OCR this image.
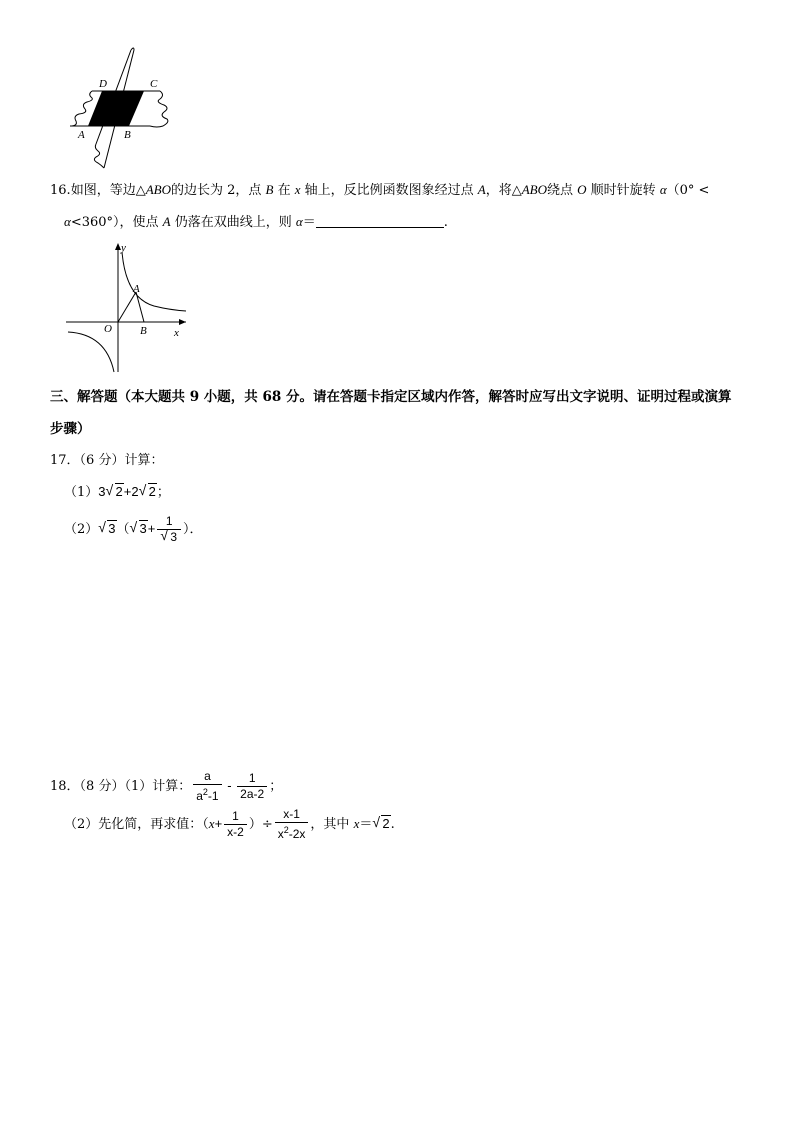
D	C
A	B
16.如图，等边△ABO的边长为 2，点 B 在 x 轴上，反比例函数图象经过点 A，将△ABO绕点 O 顺时针旋转 α（0° <
α<360°），使点 A 仍落在双曲线上，则 α＝	.
y
A
O	B x
三、解答题（本大题共 9 小题，共 68 分。请在答题卡指定区域内作答，解答时应写出文字说明、证明过程或演算
步骤）
17．（6 分）计算：
（1）3 √ 2+2 √ 2；
（2） √ 3（ √ $3+ \frac{1}{√ 3}$ ）．
18．（8 分）（1）计算： $\frac{a}{a^2-1} - \frac{1}{2a-2}$ ；
（2）先化简，再求值：（$x+ \frac{1}{x-2}$ ）÷ $\frac{x-1}{x^2-2x}$ ，其中 x＝ √ 2.
